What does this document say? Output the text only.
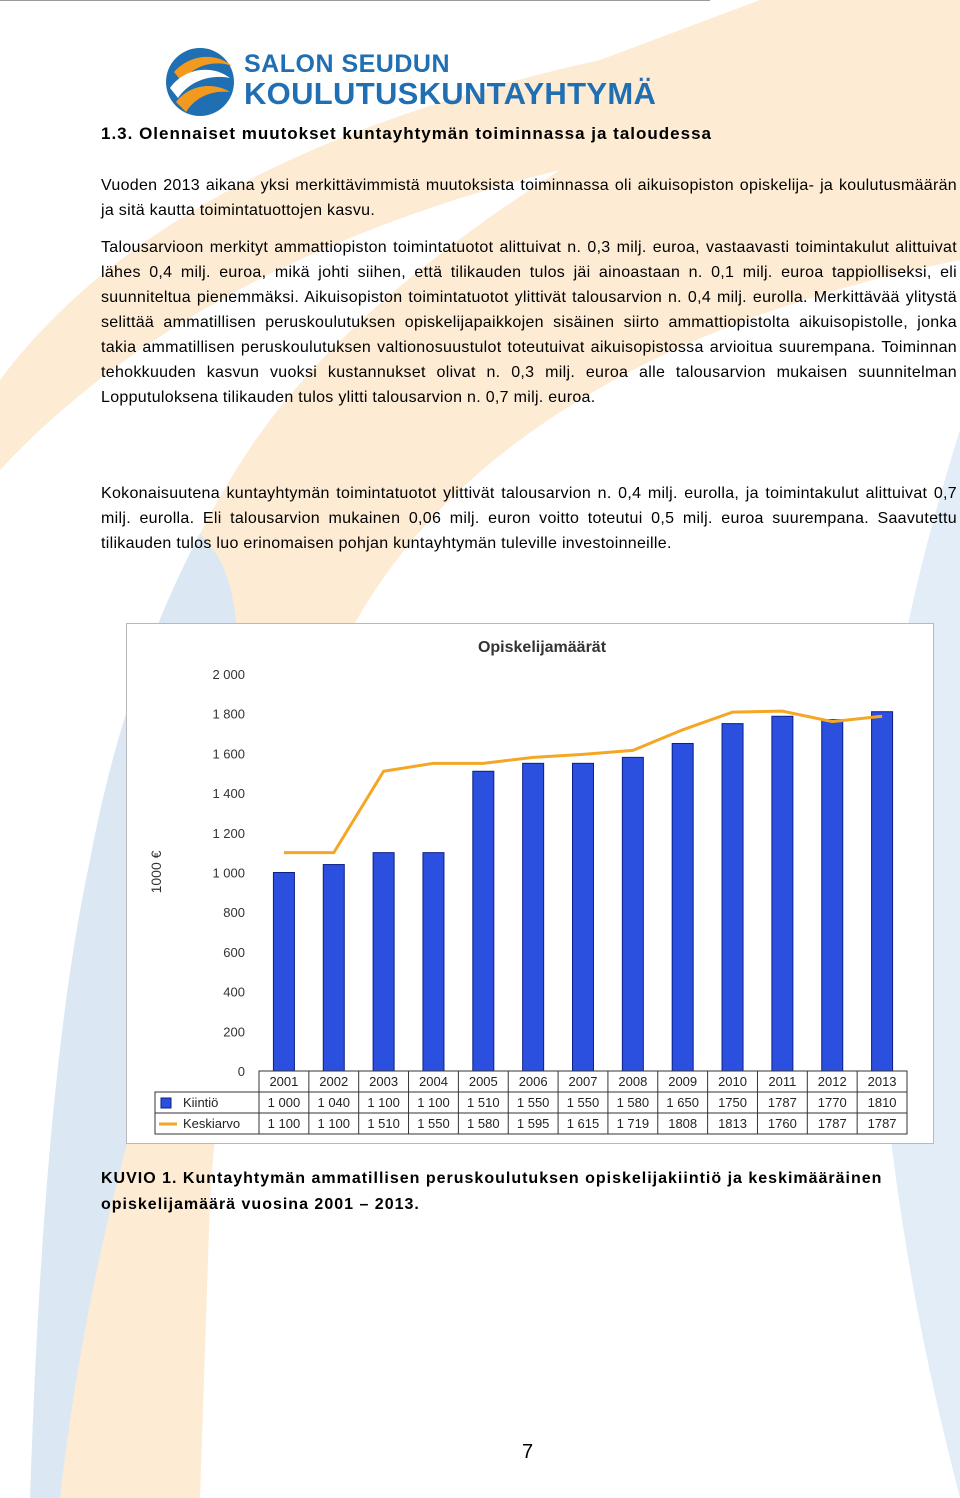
SALON SEUDUN
KOULUTUSKUNTAYHTYMÄ
1.3. Olennaiset muutokset kuntayhtymän toiminnassa ja taloudessa

Vuoden 2013 aikana yksi merkittävimmistä muutoksista toiminnassa oli aikuisopiston opiskelija- ja koulutusmäärän ja sitä kautta toimintatuottojen kasvu.

Talousarvioon merkityt ammattiopiston toimintatuotot alittuivat n. 0,3 milj. euroa, vastaavasti toimintakulut alittuivat lähes 0,4 milj. euroa, mikä johti siihen, että tilikauden tulos jäi ainoastaan n. 0,1 milj. euroa tappiolliseksi, eli suunniteltua pienemmäksi. Aikuisopiston toimintatuotot ylittivät talousarvion n. 0,4 milj. eurolla. Merkittävää ylitystä selittää ammatillisen peruskoulutuksen opiskelijapaikkojen sisäinen siirto ammattiopistolta aikuisopistolle, jonka takia ammatillisen peruskoulutuksen valtionosuustulot toteutuivat aikuisopistossa arvioitua suurempana. Toiminnan tehokkuuden kasvun vuoksi kustannukset olivat n. 0,3 milj. euroa alle talousarvion mukaisen suunnitelman Lopputuloksena tilikauden tulos ylitti talousarvion n. 0,7 milj. euroa.

Kokonaisuutena kuntayhtymän toimintatuotot ylittivät talousarvion n. 0,4 milj. eurolla, ja toimintakulut alittuivat 0,7 milj. eurolla. Eli talousarvion mukainen 0,06 milj. euron voitto toteutui 0,5 milj. euroa suurempana. Saavutettu tilikauden tulos luo erinomaisen pohjan kuntayhtymän tuleville investoinneille.

Opiskelijamäärät
1000 €
0
200
400
600
800
1 000
1 200
1 400
1 600
1 800
2 000
2001 2002 2003 2004 2005 2006 2007 2008 2009 2010 2011 2012 2013
Kiintiö	1 000 1 040 1 100 1 100 1 510 1 550 1 550 1 580 1 650 1750 1787 1770 1810
Keskiarvo 1 100 1 100 1 510 1 550 1 580 1 595 1 615 1 719 1808 1813 1760 1787 1787

KUVIO 1. Kuntayhtymän ammatillisen peruskoulutuksen opiskelijakiintiö ja keskimääräinen opiskelijamäärä vuosina 2001 – 2013.

7
